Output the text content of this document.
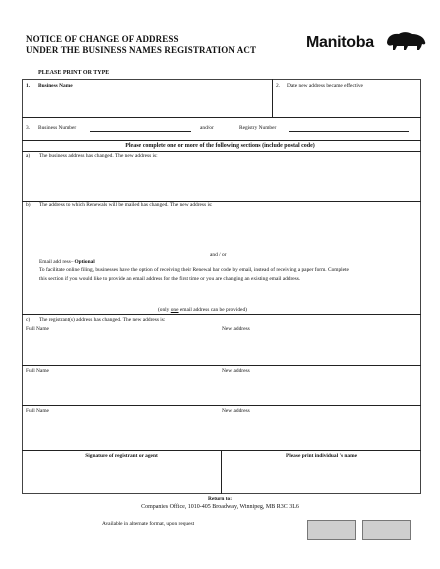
NOTICE OF CHANGE OF ADDRESS
UNDER THE BUSINESS NAMES REGISTRATION ACT	Manitoba
PLEASE PRINT OR TYPE
1. Business Name	2. Date new address became effective
3. Business Number	and/or	Registry Number
Please complete one or more of the following sections (include postal code)
a) The business address has changed. The new address is:
b) The address to which Renewals will be mailed has changed. The new address is:
and / or
Email add ress–Optional
To facilitate online filing, businesses have the option of receiving their Renewal bar code by email, instead of receiving a paper form. Complete
this section if you would like to provide an email address for the first time or you are changing an existing email address.
(only one email address can be provided)
c) The registrant(s) address has changed. The new address is:
Full Name	New address
Full Name	New address
Full Name	New address
Signature of registrant or agent	Please print individual 's name
Return to:
Companies Office, 1010-405 Broadway, Winnipeg, MB R3C 3L6
Available in alternate format, upon request
